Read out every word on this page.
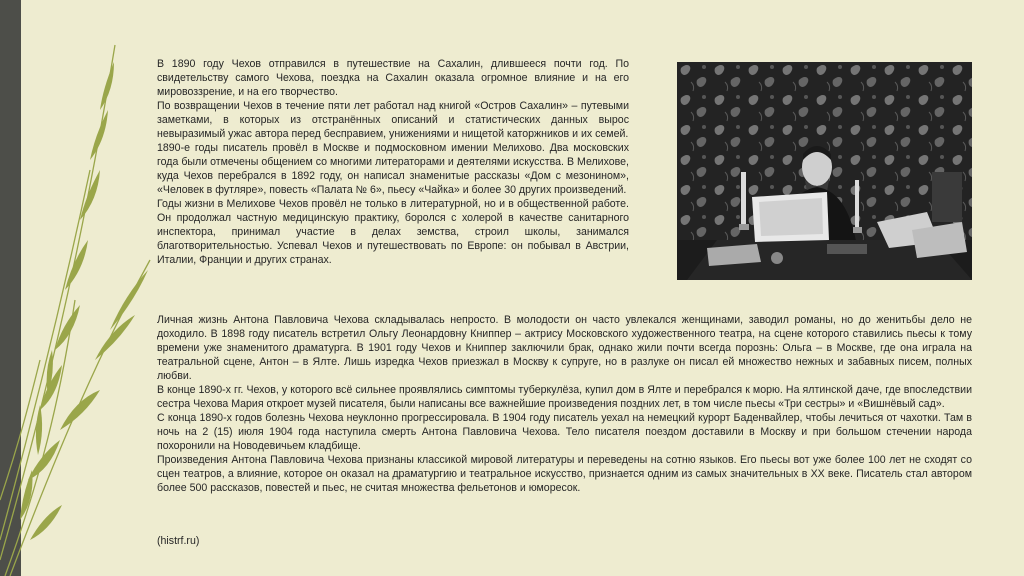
В 1890 году Чехов отправился в путешествие на Сахалин, длившееся почти год. По свидетельству самого Чехова, поездка на Сахалин оказала огромное влияние и на его мировоззрение, и на его творчество.

По возвращении Чехов в течение пяти лет работал над книгой «Остров Сахалин» – путевыми заметками, в которых из отстранённых описаний и статистических данных вырос невыразимый ужас автора перед бесправием, унижениями и нищетой каторжников и их семей.

1890-е годы писатель провёл в Москве и подмосковном имении Мелихово. Два московских года были отмечены общением со многими литераторами и деятелями искусства. В Мелихове, куда Чехов перебрался в 1892 году, он написал знаменитые рассказы «Дом с мезонином», «Человек в футляре», повесть «Палата № 6», пьесу «Чайка» и более 30 других произведений.

Годы жизни в Мелихове Чехов провёл не только в литературной, но и в общественной работе. Он продолжал частную медицинскую практику, боролся с холерой в качестве санитарного инспектора, принимал участие в делах земства, строил школы, занимался благотворительностью. Успевал Чехов и путешествовать по Европе: он побывал в Австрии, Италии, Франции и других странах.

Личная жизнь Антона Павловича Чехова складывалась непросто. В молодости он часто увлекался женщинами, заводил романы, но до женитьбы дело не доходило. В 1898 году писатель встретил Ольгу Леонардовну Книппер – актрису Московского художественного театра, на сцене которого ставились пьесы к тому времени уже знаменитого драматурга. В 1901 году Чехов и Книппер заключили брак, однако жили почти всегда порознь: Ольга – в Москве, где она играла на театральной сцене, Антон – в Ялте. Лишь изредка Чехов приезжал в Москву к супруге, но в разлуке он писал ей множество нежных и забавных писем, полных любви.

В конце 1890-х гг. Чехов, у которого всё сильнее проявлялись симптомы туберкулёза, купил дом в Ялте и перебрался к морю. На ялтинской даче, где впоследствии сестра Чехова Мария откроет музей писателя, были написаны все важнейшие произведения поздних лет, в том числе пьесы «Три сестры» и «Вишнёвый сад».

С конца 1890-х годов болезнь Чехова неуклонно прогрессировала. В 1904 году писатель уехал на немецкий курорт Баденвайлер, чтобы лечиться от чахотки. Там в ночь на 2 (15) июля 1904 года наступила смерть Антона Павловича Чехова. Тело писателя поездом доставили в Москву и при большом стечении народа похоронили на Новодевичьем кладбище.

Произведения Антона Павловича Чехова признаны классикой мировой литературы и переведены на сотню языков. Его пьесы вот уже более 100 лет не сходят со сцен театров, а влияние, которое он оказал на драматургию и театральное искусство, признается одним из самых значительных в XX веке. Писатель стал автором более 500 рассказов, повестей и пьес, не считая множества фельетонов и юморесок.

(histrf.ru)
